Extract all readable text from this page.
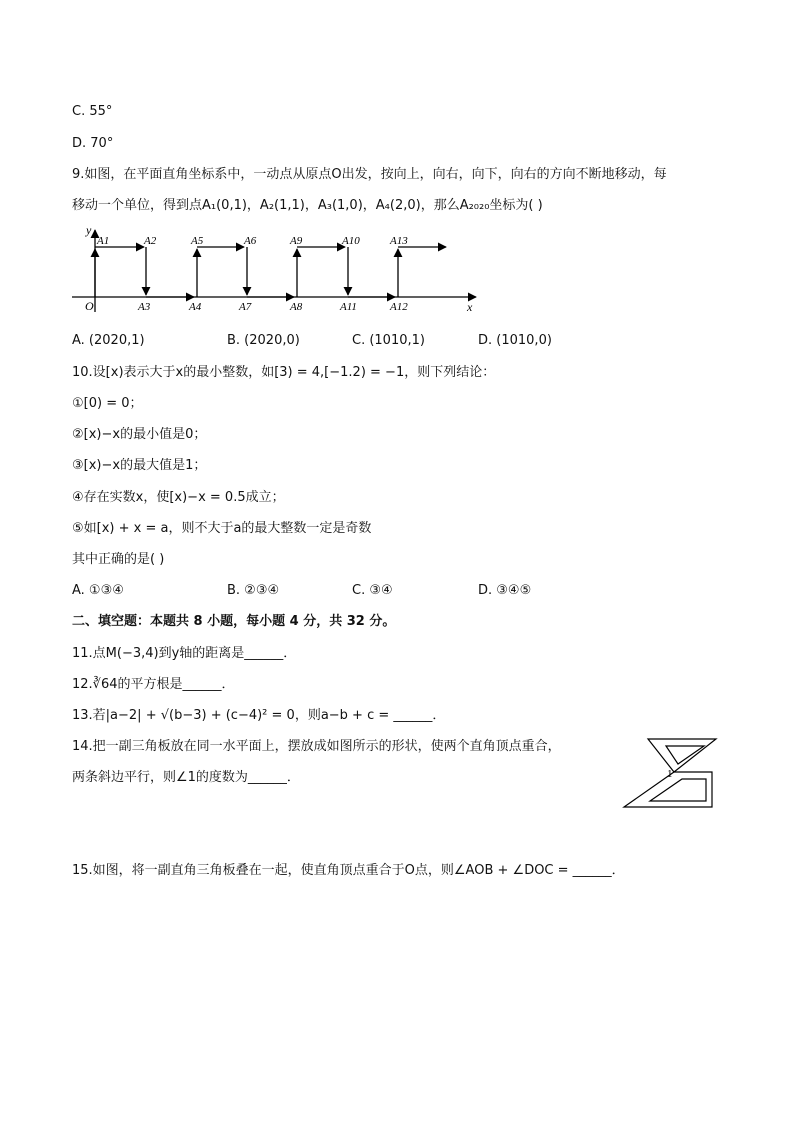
C. 55°
D. 70°
9.如图，在平面直角坐标系中，一动点从原点O出发，按向上，向右，向下，向右的方向不断地移动，每
移动一个单位，得到点A₁(0,1)，A₂(1,1)，A₃(1,0)，A₄(2,0)，那么A₂₀₂₀坐标为( )
y
x
O
A1	A2	A5	A6	A9	A10	A13
A3	A4	A7	A8	A11	A12
A. (2020,1)	B. (2020,0)	C. (1010,1)	D. (1010,0)
10.设[x)表示大于x的最小整数，如[3) = 4,[−1.2) = −1，则下列结论：
①[0) = 0；
②[x)−x的最小值是0；
③[x)−x的最大值是1；
④存在实数x，使[x)−x = 0.5成立；
⑤如[x) + x = a，则不大于a的最大整数一定是奇数
其中正确的是( )
A. ①③④	B. ②③④	C. ③④	D. ③④⑤
二、填空题：本题共 8 小题，每小题 4 分，共 32 分。
11.点M(−3,4)到y轴的距离是______．
12.∛64的平方根是______．
13.若|a−2| + √(b−3) + (c−4)² = 0，则a−b + c = ______．
14.把一副三角板放在同一水平面上，摆放成如图所示的形状，使两个直角顶点重合，
两条斜边平行，则∠1的度数为______．	1
15.如图，将一副直角三角板叠在一起，使直角顶点重合于O点，则∠AOB + ∠DOC = ______．
